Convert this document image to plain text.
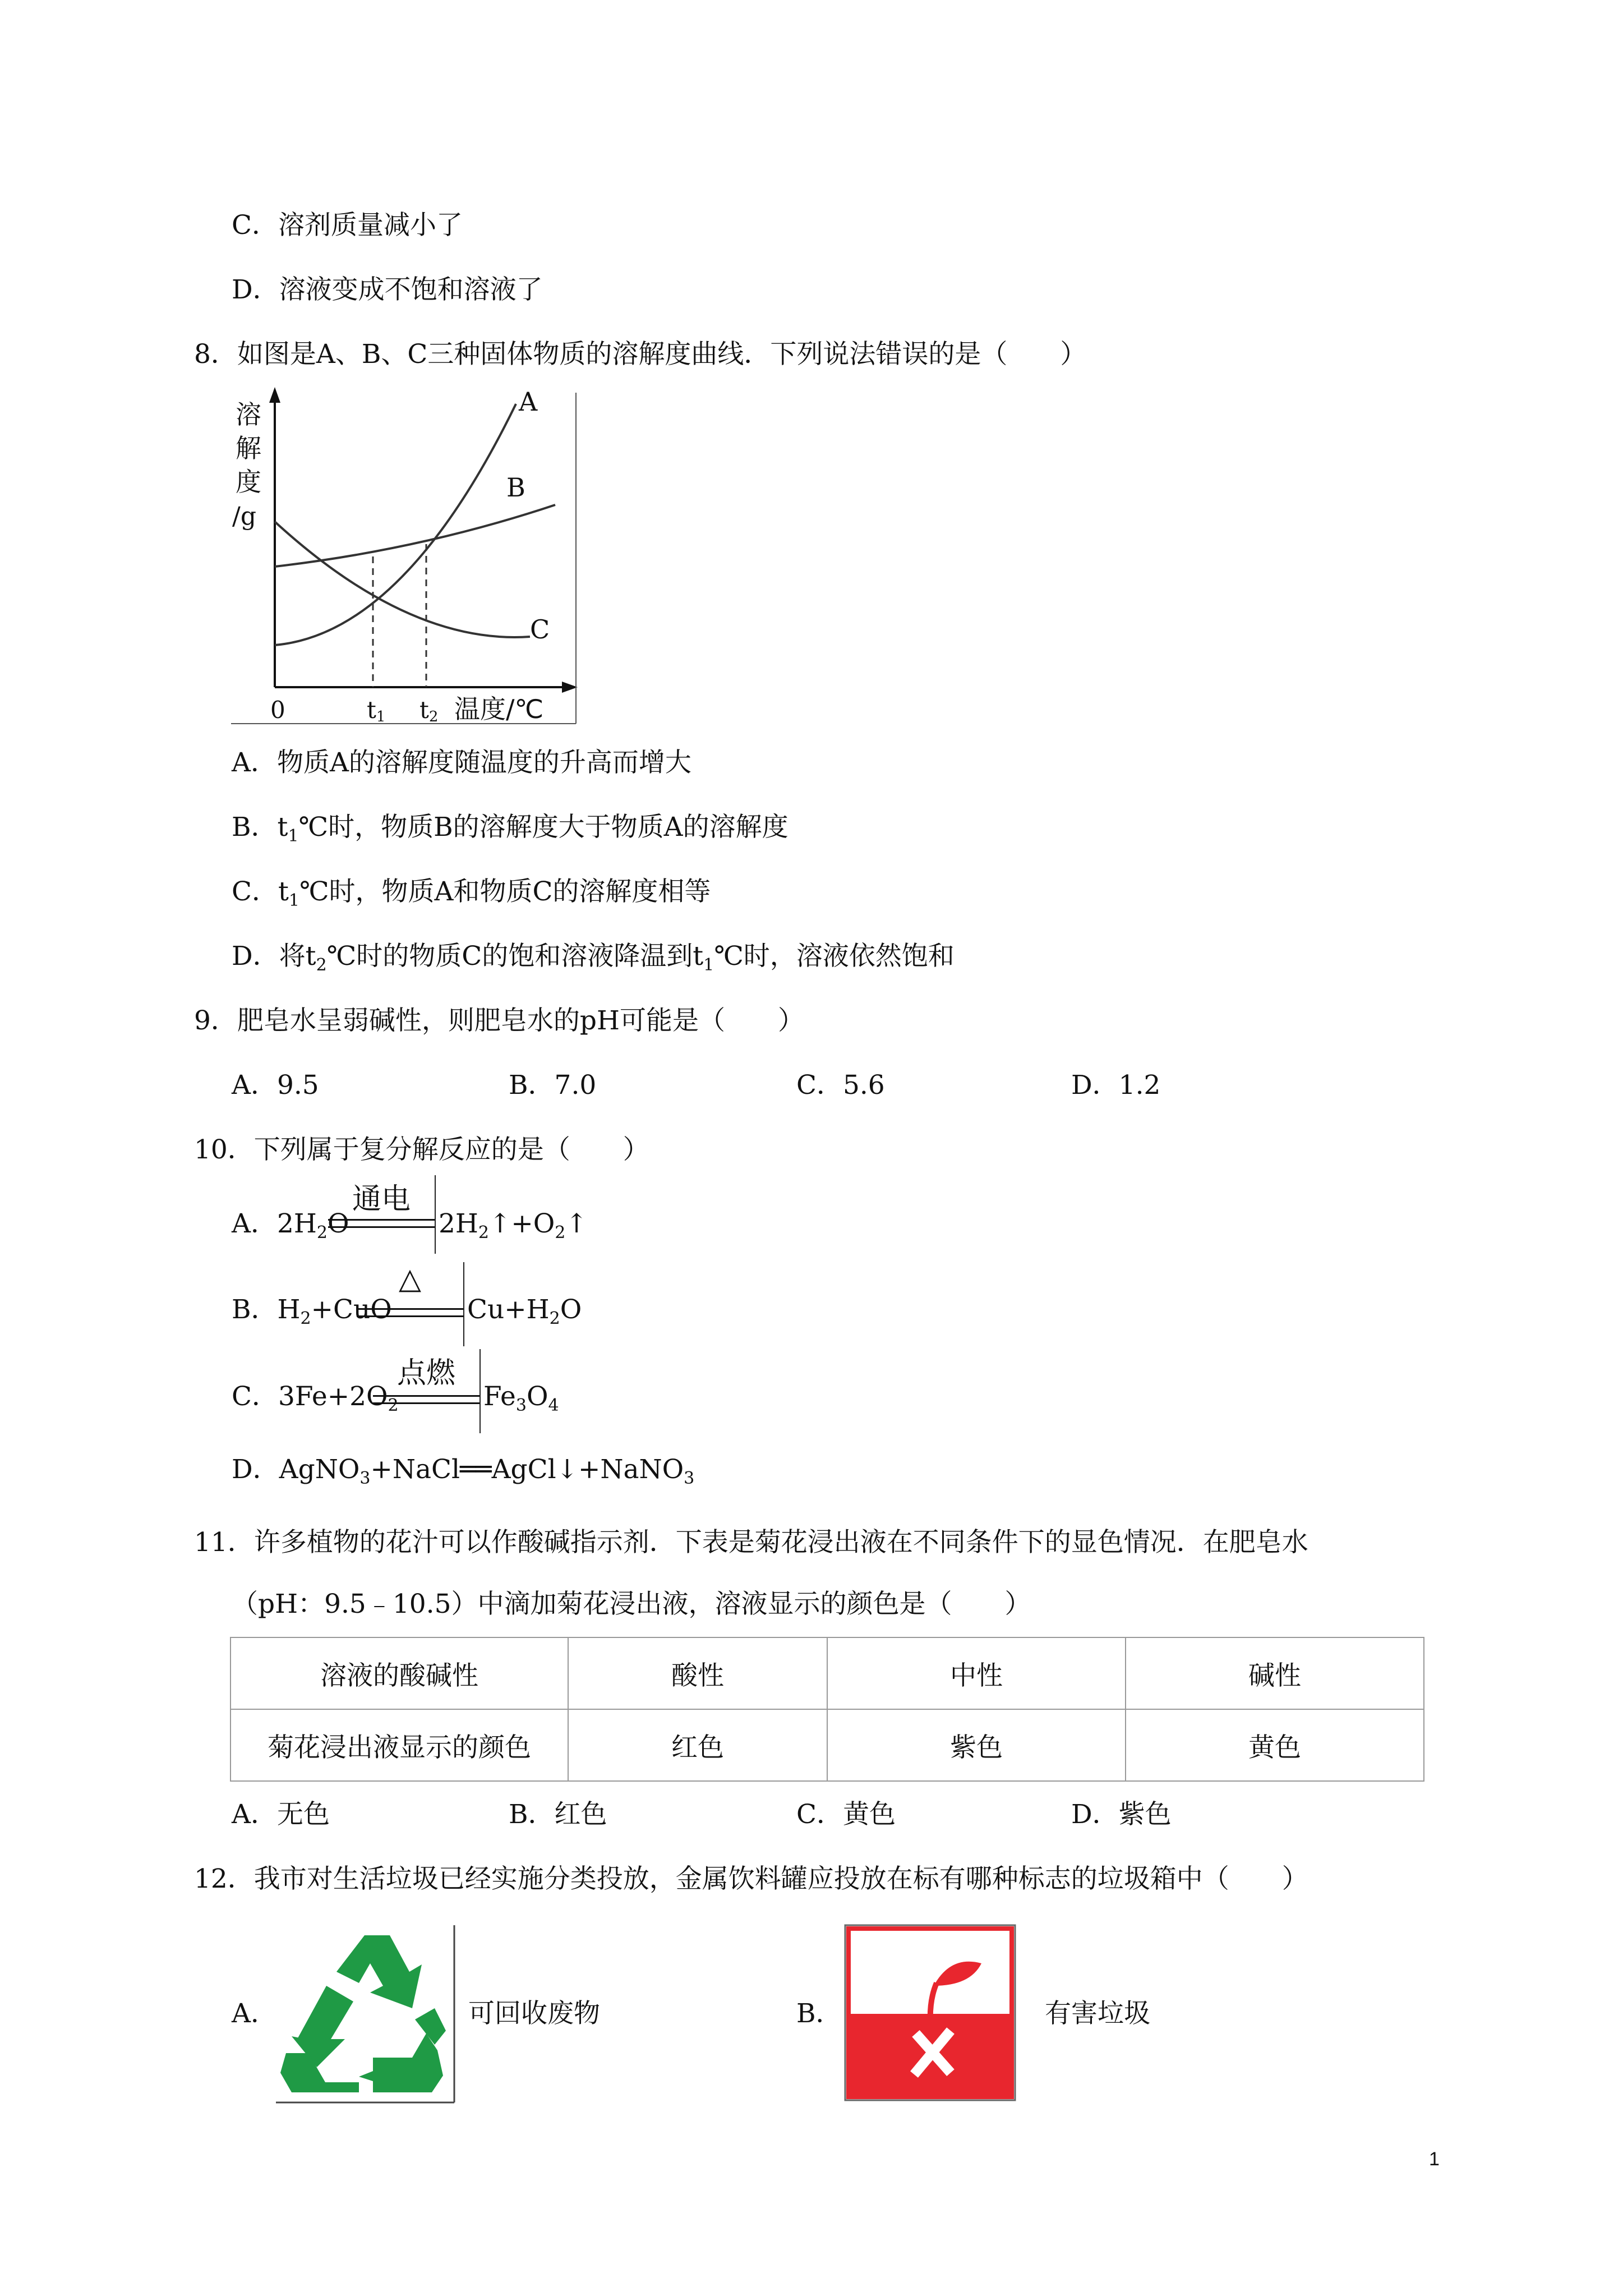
C．溶剂质量减小了
D．溶液变成不饱和溶液了
8．如图是A、B、C三种固体物质的溶解度曲线．下列说法错误的是（　　）
溶
解
度
/g
A
B
C
0	t1 t2 温度/℃
A．物质A的溶解度随温度的升高而增大
B．$t_1℃$时，物质B的溶解度大于物质A的溶解度
C．$t_1℃$时，物质A和物质C的溶解度相等
D．将$t_2℃$时的物质C的饱和溶液降温到$t_1℃$时，溶液依然饱和
9．肥皂水呈弱碱性，则肥皂水的pH可能是（　　）
A．9.5	B．7.0	C．5.6	D．1.2
10．下列属于复分解反应的是（　　）
A．$2H_2O$
通电
$2H_2↑+O_2↑$
B．$H_2+CuO$
△
$Cu+H_2O$
C．$3Fe+2O_2$
点燃
$Fe_3O_4$
D．AgNO$_3$+NaCl══AgCl↓+NaNO$_3$
11．许多植物的花汁可以作酸碱指示剂．下表是菊花浸出液在不同条件下的显色情况．在肥皂水
（pH：9.5﹣10.5）中滴加菊花浸出液，溶液显示的颜色是（　　）
溶液的酸碱性	酸性	中性	碱性
菊花浸出液显示的颜色	红色	紫色	黄色
A．无色	B．红色	C．黄色	D．紫色
12．我市对生活垃圾已经实施分类投放，金属饮料罐应投放在标有哪种标志的垃圾箱中（　　）
A．	可回收废物	B．	有害垃圾
1
